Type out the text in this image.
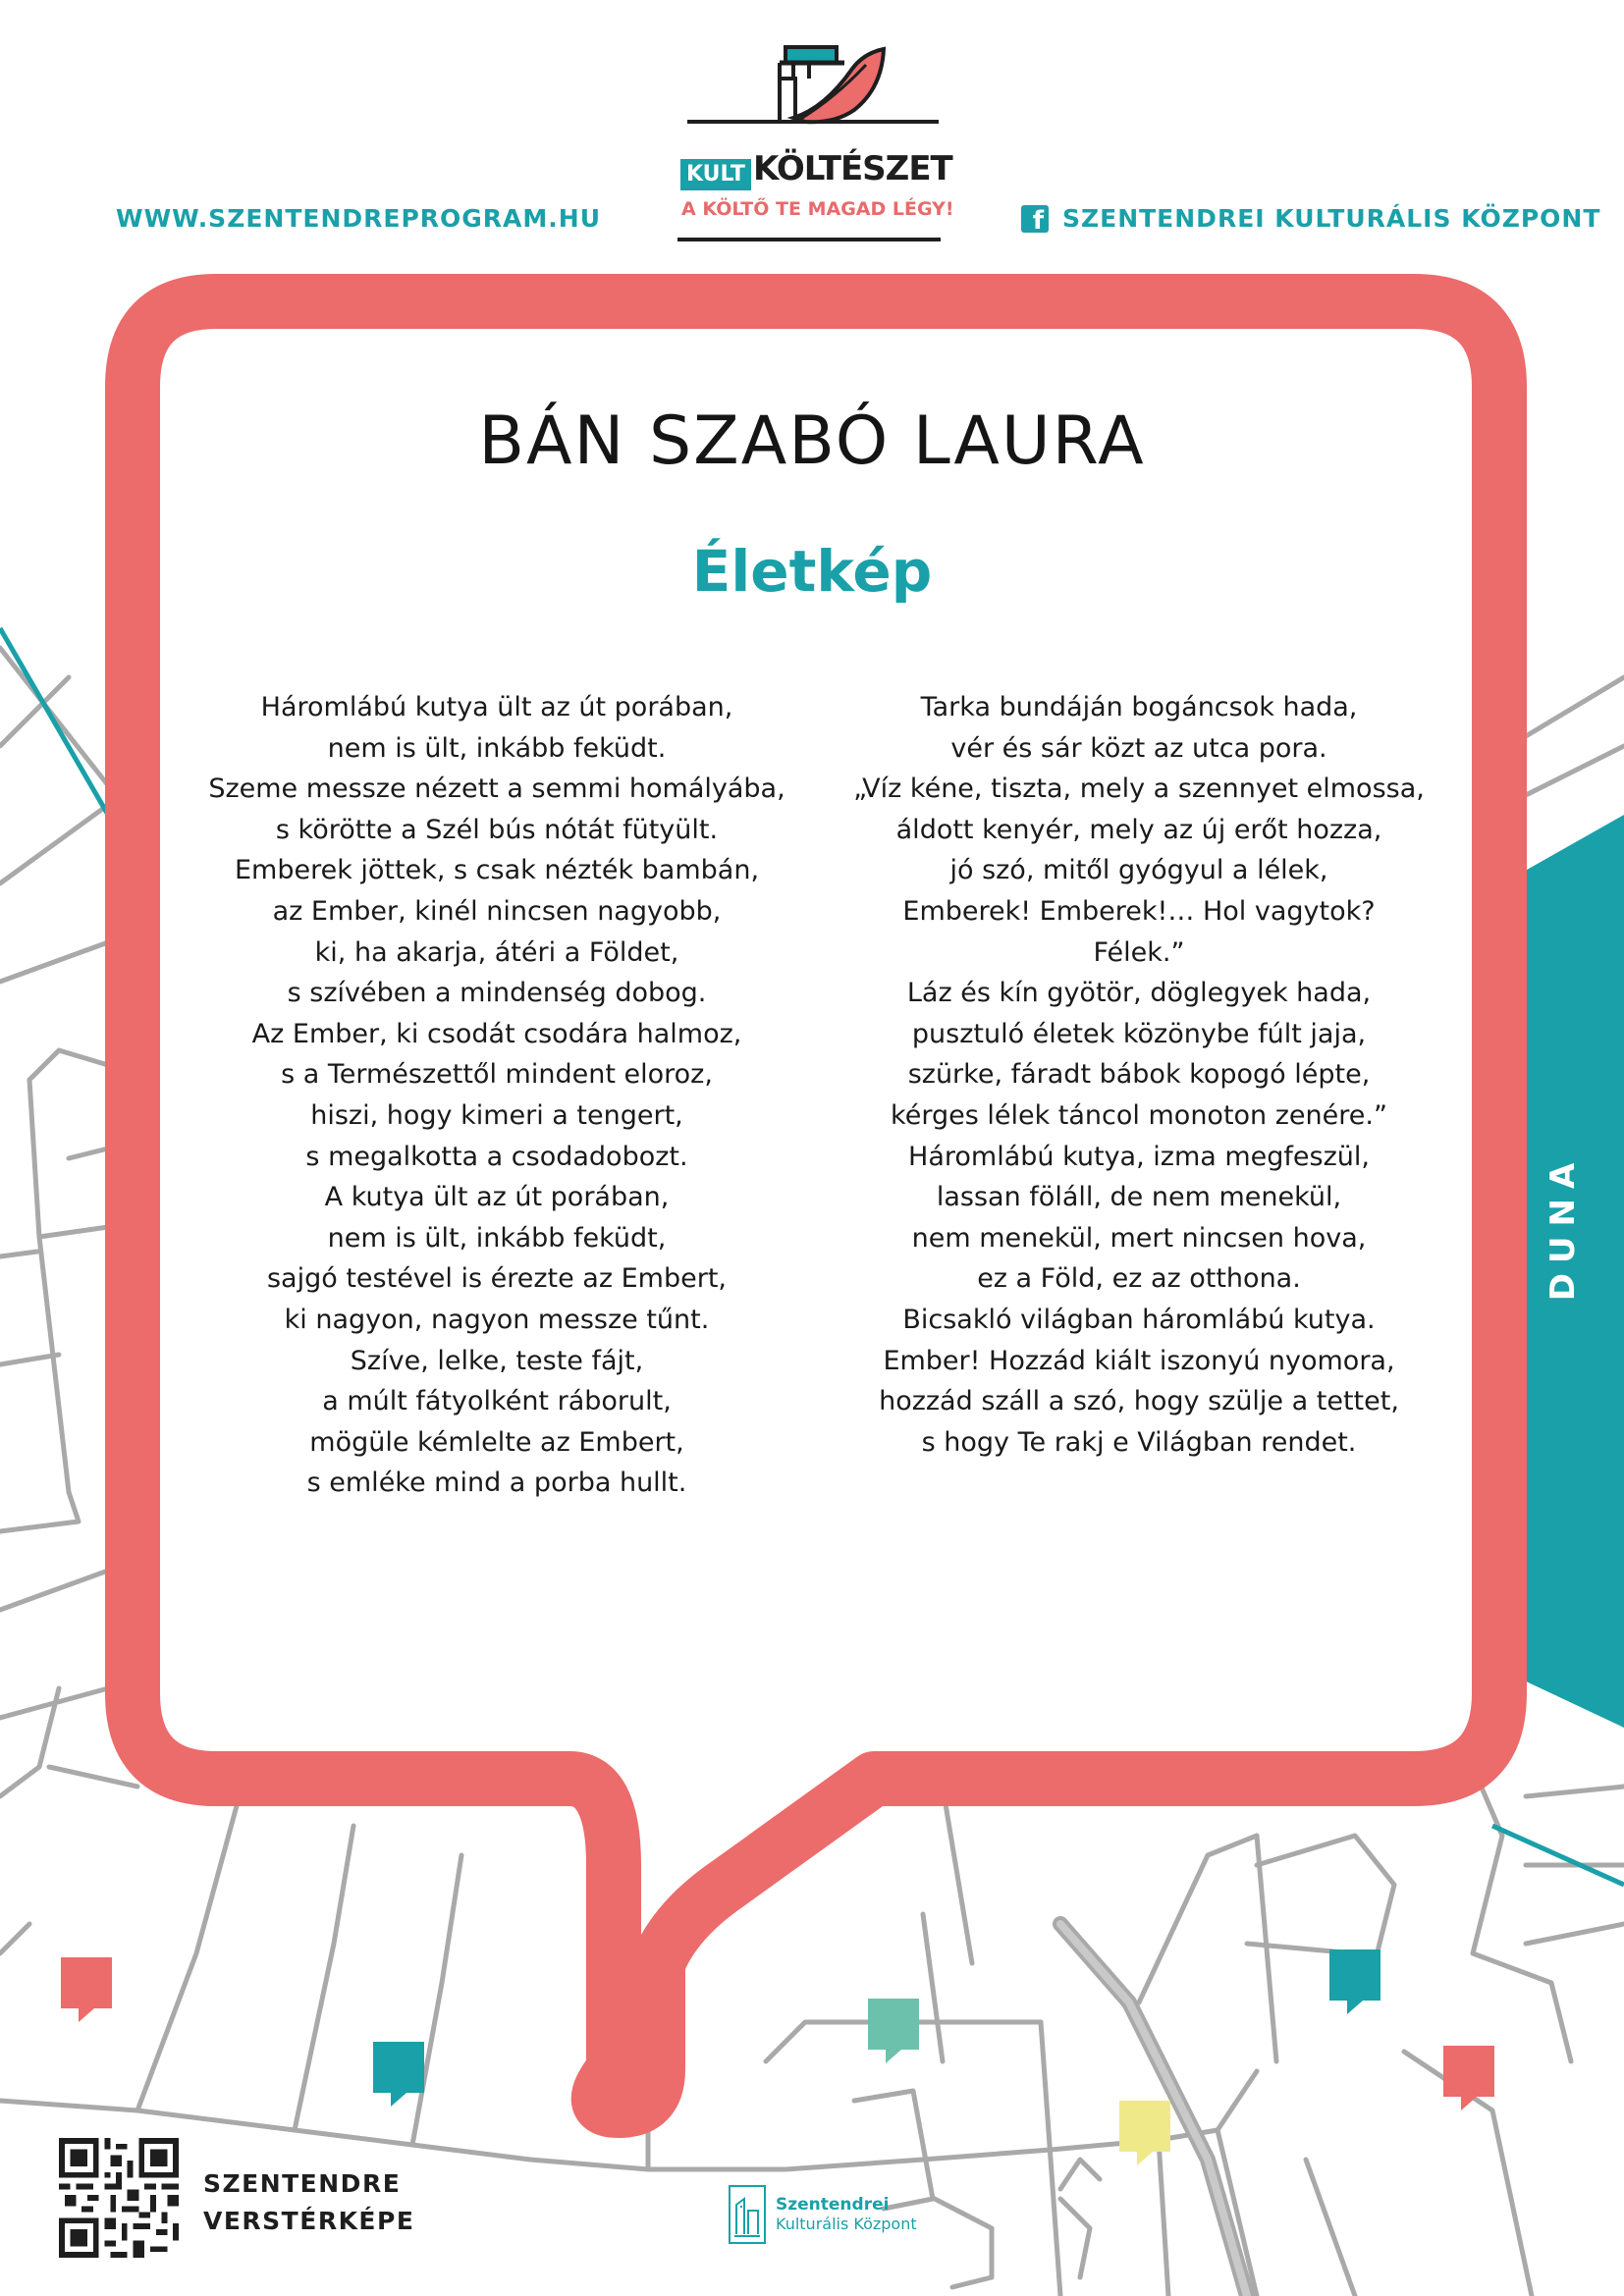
WWW.SZENTENDREPROGRAM.HU	f SZENTENDREI KULTURÁLIS KÖZPONT
KULT KÖLTÉSZET
A KÖLTŐ TE MAGAD LÉGY!
BÁN SZABÓ LAURA
Életkép
Háromlábú kutya ült az út porában,
nem is ült, inkább feküdt.
Szeme messze nézett a semmi homályába,
s körötte a Szél bús nótát fütyült.
Emberek jöttek, s csak nézték bambán,
az Ember, kinél nincsen nagyobb,
ki, ha akarja, átéri a Földet,
s szívében a mindenség dobog.
Az Ember, ki csodát csodára halmoz,
s a Természettől mindent eloroz,
hiszi, hogy kimeri a tengert,
s megalkotta a csodadobozt.
A kutya ült az út porában,
nem is ült, inkább feküdt,
sajgó testével is érezte az Embert,
ki nagyon, nagyon messze tűnt.
Szíve, lelke, teste fájt,
a múlt fátyolként ráborult,
mögüle kémlelte az Embert,
s emléke mind a porba hullt.
Tarka bundáján bogáncsok hada,
vér és sár közt az utca pora.
„Víz kéne, tiszta, mely a szennyet elmossa,
áldott kenyér, mely az új erőt hozza,
jó szó, mitől gyógyul a lélek,
Emberek! Emberek!… Hol vagytok?
Félek.”
Láz és kín gyötör, döglegyek hada,
pusztuló életek közönybe fúlt jaja,
szürke, fáradt bábok kopogó lépte,
kérges lélek táncol monoton zenére.”
Háromlábú kutya, izma megfeszül,
lassan föláll, de nem menekül,
nem menekül, mert nincsen hova,
ez a Föld, ez az otthona.
Bicsakló világban háromlábú kutya.
Ember! Hozzád kiált iszonyú nyomora,
hozzád száll a szó, hogy szülje a tettet,
s hogy Te rakj e Világban rendet.
DUNA
SZENTENDRE
VERSTÉRKÉPE
Szentendrei
Kulturális Központ
